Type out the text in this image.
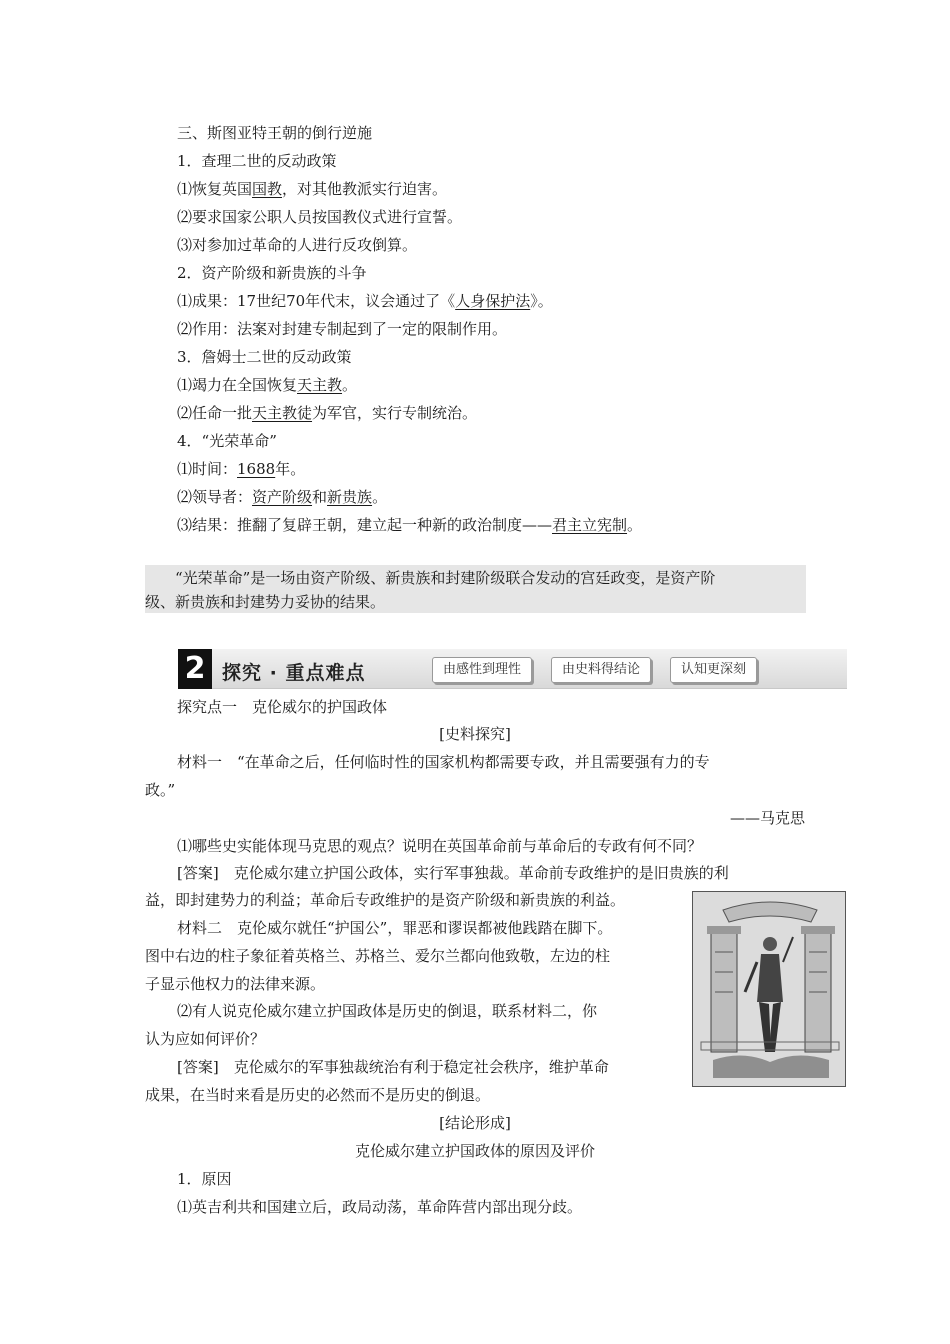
三、斯图亚特王朝的倒行逆施
1．查理二世的反动政策
⑴恢复英国国教，对其他教派实行迫害。
⑵要求国家公职人员按国教仪式进行宣誓。
⑶对参加过革命的人进行反攻倒算。
2．资产阶级和新贵族的斗争
⑴成果：17世纪70年代末，议会通过了《人身保护法》。
⑵作用：法案对封建专制起到了一定的限制作用。
3．詹姆士二世的反动政策
⑴竭力在全国恢复天主教。
⑵任命一批天主教徒为军官，实行专制统治。
4．“光荣革命”
⑴时间：1688年。
⑵领导者：资产阶级和新贵族。
⑶结果：推翻了复辟王朝，建立起一种新的政治制度——君主立宪制。
“光荣革命”是一场由资产阶级、新贵族和封建阶级联合发动的宫廷政变，是资产阶
级、新贵族和封建势力妥协的结果。
2 探究 · 重点难点	由感性到理性	由史料得结论	认知更深刻
探究点一　克伦威尔的护国政体
[史料探究]
材料一　“在革命之后，任何临时性的国家机构都需要专政，并且需要强有力的专
政。”
——马克思
⑴哪些史实能体现马克思的观点？说明在英国革命前与革命后的专政有何不同？
[答案]　克伦威尔建立护国公政体，实行军事独裁。革命前专政维护的是旧贵族的利
益，即封建势力的利益；革命后专政维护的是资产阶级和新贵族的利益。
材料二　克伦威尔就任“护国公”，罪恶和谬误都被他践踏在脚下。
图中右边的柱子象征着英格兰、苏格兰、爱尔兰都向他致敬，左边的柱
子显示他权力的法律来源。
⑵有人说克伦威尔建立护国政体是历史的倒退，联系材料二，你
认为应如何评价？
[答案]　克伦威尔的军事独裁统治有利于稳定社会秩序，维护革命
成果，在当时来看是历史的必然而不是历史的倒退。
[结论形成]
克伦威尔建立护国政体的原因及评价
1．原因
⑴英吉利共和国建立后，政局动荡，革命阵营内部出现分歧。
